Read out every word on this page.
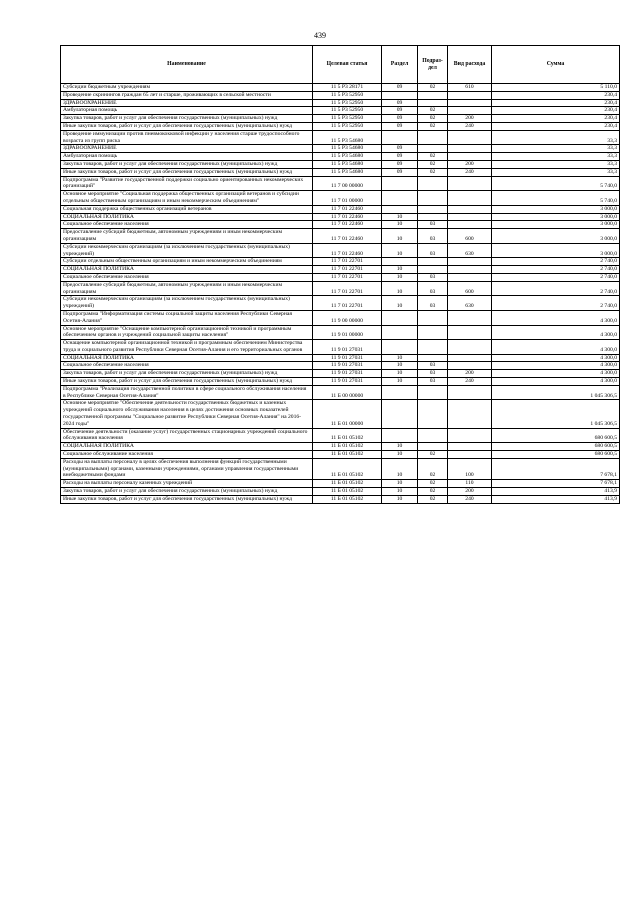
439
Наименование	Целевая статья	Раздел	Подраз-дел	Вид расхода	Сумма
Субсидии бюджетным учреждениям	11 5 Р3 28171	09	02	610	5 110,0
Проведение скринингов граждан 65 лет и старше, проживающих в сельской местности	11 5 Р3 52950				230,4
ЗДРАВООХРАНЕНИЕ	11 5 Р3 52950	09			230,4
Амбулаторная помощь	11 5 Р3 52950	09	02		230,4
Закупка товаров, работ и услуг для обеспечения государственных (муниципальных) нужд	11 5 Р3 52950	09	02	200	230,4
Иные закупки товаров, работ и услуг для обеспечения государственных (муниципальных) нужд	11 5 Р3 52950	09	02	240	230,4
Проведение иммунизации против пневмококковой инфекции у населения старше трудоспособного возраста из групп риска	11 5 Р3 54680				33,3
ЗДРАВООХРАНЕНИЕ	11 5 Р3 54680	09			33,3
Амбулаторная помощь	11 5 Р3 54680	09	02		33,3
Закупка товаров, работ и услуг для обеспечения государственных (муниципальных) нужд	11 5 Р3 54680	09	02	200	33,3
Иные закупки товаров, работ и услуг для обеспечения государственных (муниципальных) нужд	11 5 Р3 54680	09	02	240	33,3
Подпрограмма "Развитие государственной поддержки социально ориентированных некоммерческих организаций"	11 7 00 00000				5 740,0
Основное мероприятие "Социальная поддержка общественных организаций ветеранов и субсидии отдельным общественным организациям и иным некоммерческим объединениям"	11 7 01 00000				5 740,0
Социальная поддержка общественных организаций ветеранов	11 7 01 22460				3 000,0
СОЦИАЛЬНАЯ ПОЛИТИКА	11 7 01 22460	10			3 000,0
Социальное обеспечение населения	11 7 01 22460	10	03		3 000,0
Предоставление субсидий бюджетным, автономным учреждениям и иным некоммерческим организациям	11 7 01 22460	10	03	600	3 000,0
Субсидии некоммерческим организациям (за исключением государственных (муниципальных) учреждений)	11 7 01 22460	10	03	630	3 000,0
Субсидии отдельным общественным организациям и иным некоммерческим объединениям	11 7 01 22701				2 740,0
СОЦИАЛЬНАЯ ПОЛИТИКА	11 7 01 22701	10			2 740,0
Социальное обеспечение населения	11 7 01 22701	10	03		2 740,0
Предоставление субсидий бюджетным, автономным учреждениям и иным некоммерческим организациям	11 7 01 22701	10	03	600	2 740,0
Субсидии некоммерческим организациям (за исключением государственных (муниципальных) учреждений)	11 7 01 22701	10	03	630	2 740,0
Подпрограмма "Информатизация системы социальной защиты населения Республики Северная Осетия-Алания"	11 9 00 00000				4 300,0
Основное мероприятие "Оснащение компьютерной организационной техникой и программным обеспечением органов и учреждений социальной защиты населения"	11 9 01 00000				4 300,0
Оснащение компьютерной организационной техникой и программным обеспечением Министерства труда и социального развития Республики Северная Осетия-Алания и его территориальных органов	11 9 01 27031				4 300,0
СОЦИАЛЬНАЯ ПОЛИТИКА	11 9 01 27031	10			4 300,0
Социальное обеспечение населения	11 9 01 27031	10	03		4 300,0
Закупка товаров, работ и услуг для обеспечения государственных (муниципальных) нужд	11 9 01 27031	10	03	200	4 300,0
Иные закупки товаров, работ и услуг для обеспечения государственных (муниципальных) нужд	11 9 01 27031	10	03	240	4 300,0
Подпрограмма "Реализация государственной политики в сфере социального обслуживания населения в Республике Северная Осетия-Алания"	11 Б 00 00000				1 045 306,5
Основное мероприятие "Обеспечение деятельности государственных бюджетных и казенных учреждений социального обслуживания населения в целях достижения основных показателей государственной программы "Социальное развитие Республики Северная Осетия-Алания" на 2016-2024 годы"	11 Б 01 00000				1 045 306,5
Обеспечение деятельности (оказание услуг) государственных стационарных учреждений социального обслуживания населения	11 Б 01 05102				680 600,5
СОЦИАЛЬНАЯ ПОЛИТИКА	11 Б 01 05102	10			680 600,5
Социальное обслуживание населения	11 Б 01 05102	10	02		680 600,5
Расходы на выплаты персоналу в целях обеспечения выполнения функций государственными (муниципальными) органами, казенными учреждениями, органами управления государственными внебюджетными фондами	11 Б 01 05102	10	02	100	7 678,1
Расходы на выплаты персоналу казенных учреждений	11 Б 01 05102	10	02	110	7 678,1
Закупка товаров, работ и услуг для обеспечения государственных (муниципальных) нужд	11 Б 01 05102	10	02	200	413,9
Иные закупки товаров, работ и услуг для обеспечения государственных (муниципальных) нужд	11 Б 01 05102	10	02	240	413,9
